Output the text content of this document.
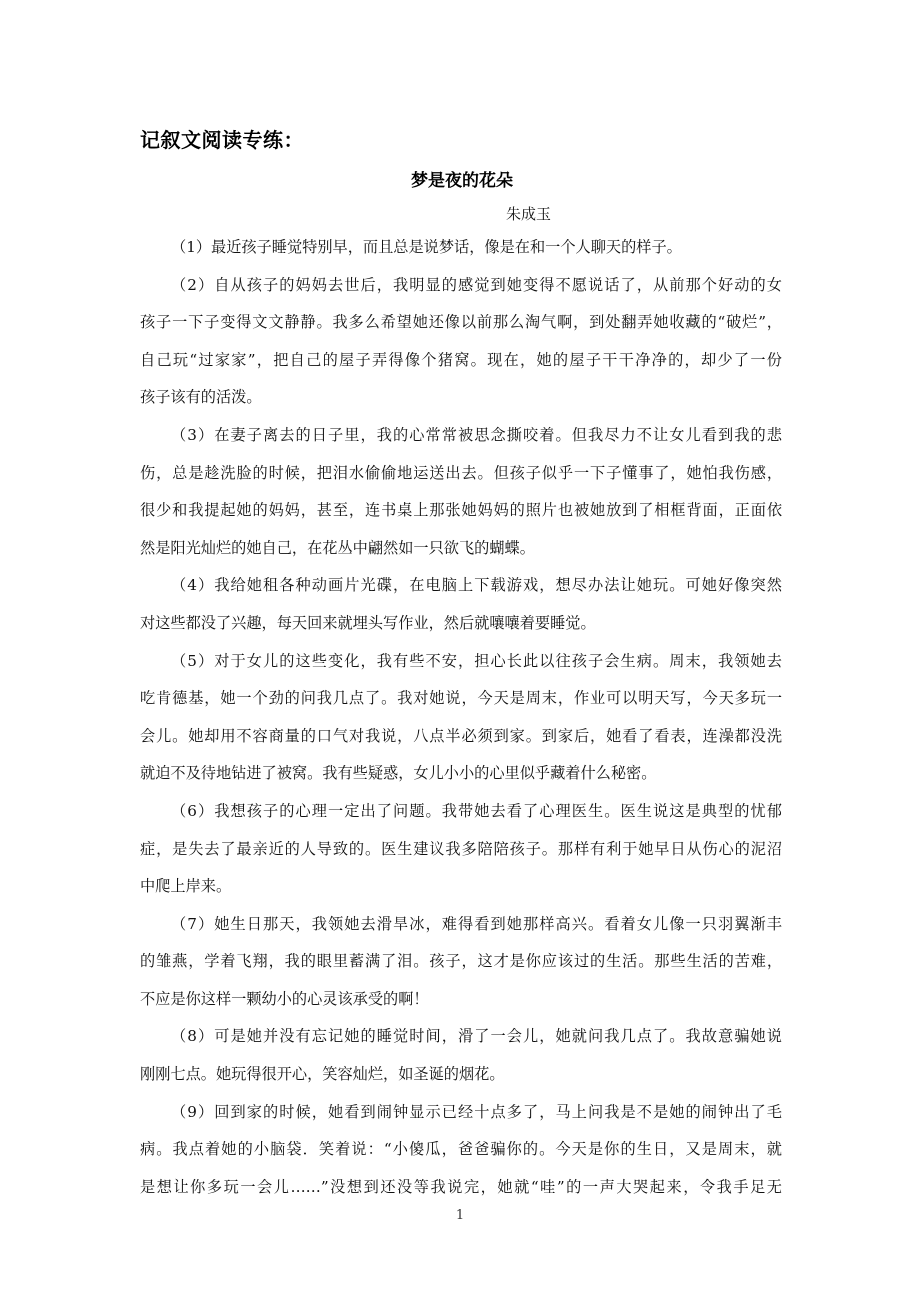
记叙文阅读专练：
梦是夜的花朵
朱成玉
（1）最近孩子睡觉特别早，而且总是说梦话，像是在和一个人聊天的样子。
（2）自从孩子的妈妈去世后，我明显的感觉到她变得不愿说话了，从前那个好动的女
孩子一下子变得文文静静。我多么希望她还像以前那么淘气啊，到处翻弄她收藏的“破烂”，
自己玩“过家家”，把自己的屋子弄得像个猪窝。现在，她的屋子干干净净的，却少了一份
孩子该有的活泼。
（3）在妻子离去的日子里，我的心常常被思念撕咬着。但我尽力不让女儿看到我的悲
伤，总是趁洗脸的时候，把泪水偷偷地运送出去。但孩子似乎一下子懂事了，她怕我伤感，
很少和我提起她的妈妈，甚至，连书桌上那张她妈妈的照片也被她放到了相框背面，正面依
然是阳光灿烂的她自己，在花丛中翩然如一只欲飞的蝴蝶。
（4）我给她租各种动画片光碟，在电脑上下载游戏，想尽办法让她玩。可她好像突然
对这些都没了兴趣，每天回来就埋头写作业，然后就嚷嚷着要睡觉。
（5）对于女儿的这些变化，我有些不安，担心长此以往孩子会生病。周末，我领她去
吃肯德基，她一个劲的问我几点了。我对她说，今天是周末，作业可以明天写，今天多玩一
会儿。她却用不容商量的口气对我说，八点半必须到家。到家后，她看了看表，连澡都没洗
就迫不及待地钻进了被窝。我有些疑惑，女儿小小的心里似乎藏着什么秘密。
（6）我想孩子的心理一定出了问题。我带她去看了心理医生。医生说这是典型的忧郁
症，是失去了最亲近的人导致的。医生建议我多陪陪孩子。那样有利于她早日从伤心的泥沼
中爬上岸来。
（7）她生日那天，我领她去滑旱冰，难得看到她那样高兴。看着女儿像一只羽翼渐丰
的雏燕，学着飞翔，我的眼里蓄满了泪。孩子，这才是你应该过的生活。那些生活的苦难，
不应是你这样一颗幼小的心灵该承受的啊！
（8）可是她并没有忘记她的睡觉时间，滑了一会儿，她就问我几点了。我故意骗她说
刚刚七点。她玩得很开心，笑容灿烂，如圣诞的烟花。
（9）回到家的时候，她看到闹钟显示已经十点多了，马上问我是不是她的闹钟出了毛
病。我点着她的小脑袋．笑着说：“小傻瓜，爸爸骗你的。今天是你的生日，又是周末，就
是想让你多玩一会儿……”没想到还没等我说完，她就“哇”的一声大哭起来，令我手足无
1
